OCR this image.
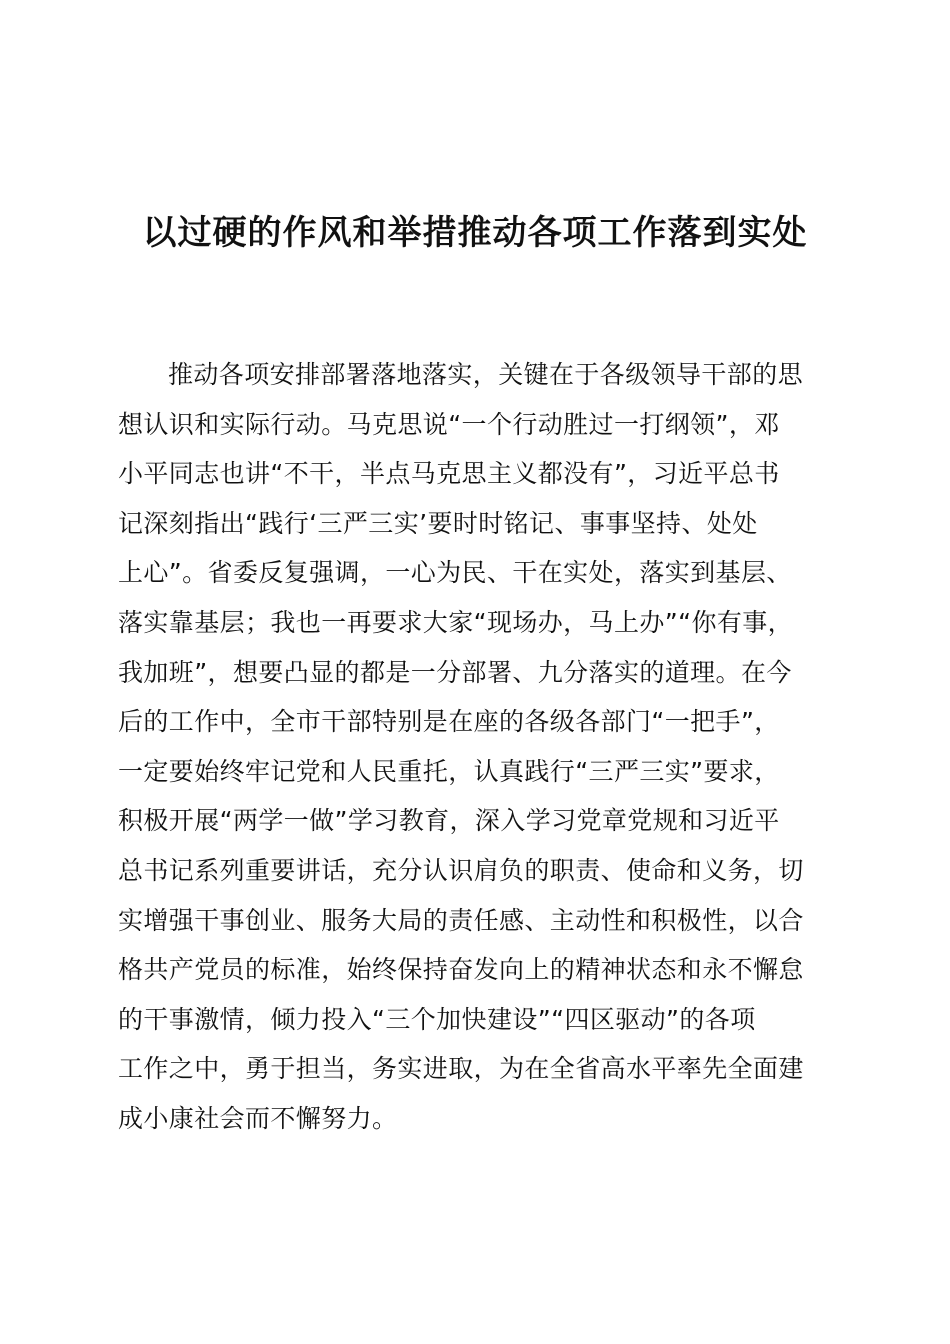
以过硬的作风和举措推动各项工作落到实处
推动各项安排部署落地落实，关键在于各级领导干部的思
想认识和实际行动。马克思说“一个行动胜过一打纲领”，邓
小平同志也讲“不干，半点马克思主义都没有”，习近平总书
记深刻指出“践行‘三严三实’要时时铭记、事事坚持、处处
上心”。省委反复强调，一心为民、干在实处，落实到基层、
落实靠基层；我也一再要求大家“现场办，马上办”“你有事，
我加班”，想要凸显的都是一分部署、九分落实的道理。在今
后的工作中，全市干部特别是在座的各级各部门“一把手”，
一定要始终牢记党和人民重托，认真践行“三严三实”要求，
积极开展“两学一做”学习教育，深入学习党章党规和习近平
总书记系列重要讲话，充分认识肩负的职责、使命和义务，切
实增强干事创业、服务大局的责任感、主动性和积极性，以合
格共产党员的标准，始终保持奋发向上的精神状态和永不懈怠
的干事激情，倾力投入“三个加快建设”“四区驱动”的各项
工作之中，勇于担当，务实进取，为在全省高水平率先全面建
成小康社会而不懈努力。
